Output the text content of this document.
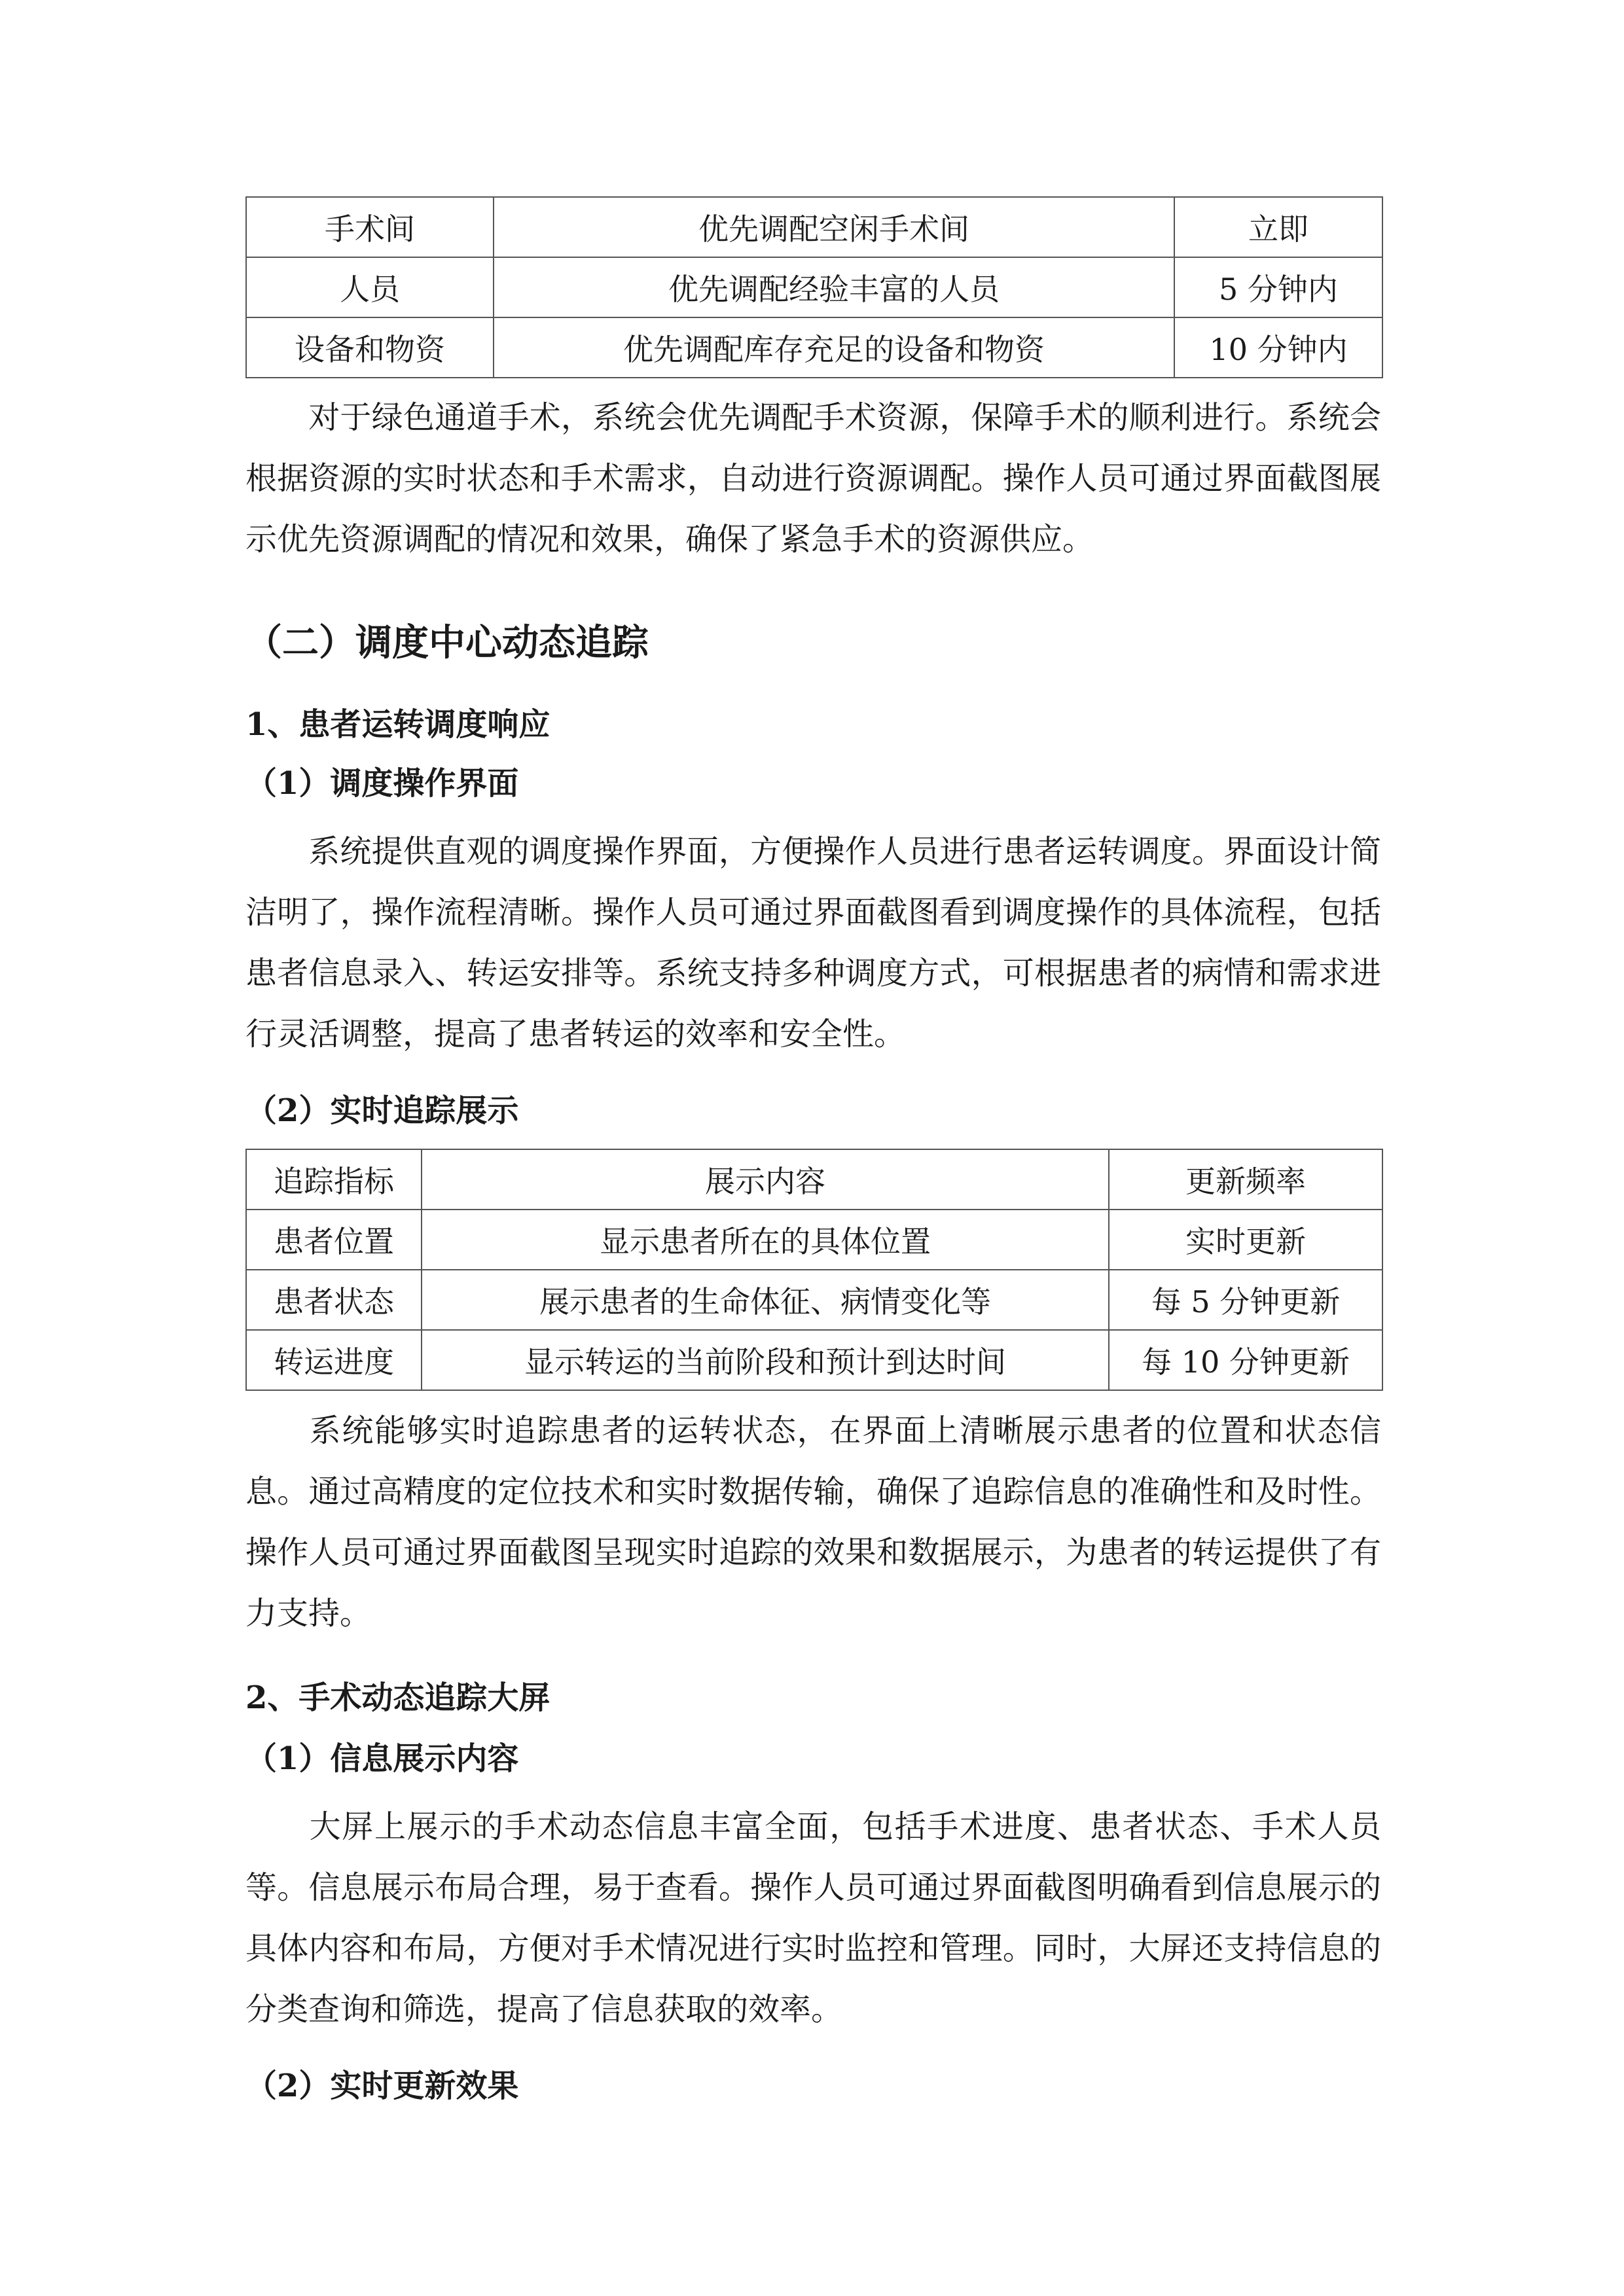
手术间	优先调配空闲手术间	立即
人员	优先调配经验丰富的人员	5 分钟内
设备和物资	优先调配库存充足的设备和物资	10 分钟内

对于绿色通道手术，系统会优先调配手术资源，保障手术的顺利进行。系统会根据资源的实时状态和手术需求，自动进行资源调配。操作人员可通过界面截图展示优先资源调配的情况和效果，确保了紧急手术的资源供应。

（二）调度中心动态追踪
1、患者运转调度响应
（1）调度操作界面

系统提供直观的调度操作界面，方便操作人员进行患者运转调度。界面设计简洁明了，操作流程清晰。操作人员可通过界面截图看到调度操作的具体流程，包括患者信息录入、转运安排等。系统支持多种调度方式，可根据患者的病情和需求进行灵活调整，提高了患者转运的效率和安全性。

（2）实时追踪展示
追踪指标	展示内容	更新频率
患者位置	显示患者所在的具体位置	实时更新
患者状态	展示患者的生命体征、病情变化等	每 5 分钟更新
转运进度	显示转运的当前阶段和预计到达时间	每 10 分钟更新

系统能够实时追踪患者的运转状态，在界面上清晰展示患者的位置和状态信息。通过高精度的定位技术和实时数据传输，确保了追踪信息的准确性和及时性。操作人员可通过界面截图呈现实时追踪的效果和数据展示，为患者的转运提供了有力支持。

2、手术动态追踪大屏
（1）信息展示内容

大屏上展示的手术动态信息丰富全面，包括手术进度、患者状态、手术人员等。信息展示布局合理，易于查看。操作人员可通过界面截图明确看到信息展示的具体内容和布局，方便对手术情况进行实时监控和管理。同时，大屏还支持信息的分类查询和筛选，提高了信息获取的效率。

（2）实时更新效果
